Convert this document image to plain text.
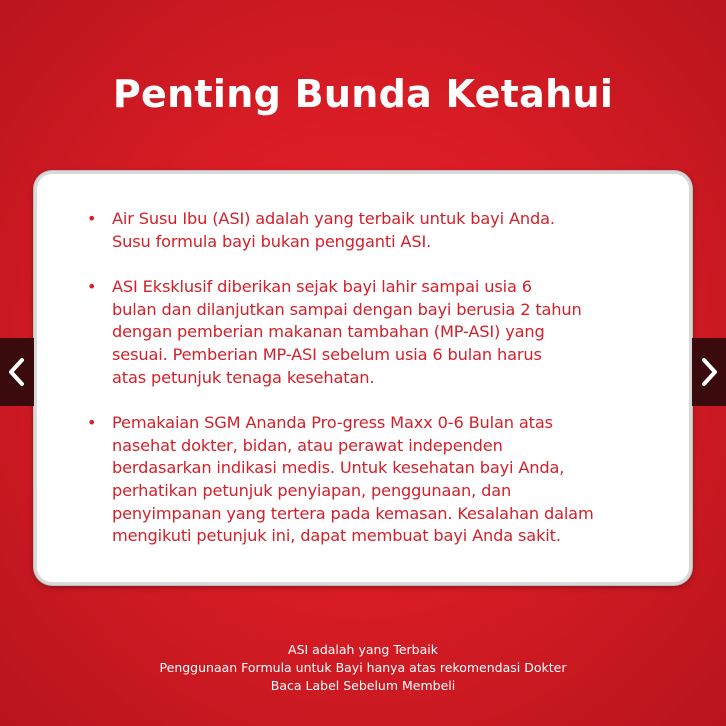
Penting Bunda Ketahui
• Air Susu Ibu (ASI) adalah yang terbaik untuk bayi Anda.
Susu formula bayi bukan pengganti ASI.
• ASI Eksklusif diberikan sejak bayi lahir sampai usia 6
bulan dan dilanjutkan sampai dengan bayi berusia 2 tahun
dengan pemberian makanan tambahan (MP-ASI) yang
sesuai. Pemberian MP-ASI sebelum usia 6 bulan harus
atas petunjuk tenaga kesehatan.
• Pemakaian SGM Ananda Pro-gress Maxx 0-6 Bulan atas
nasehat dokter, bidan, atau perawat independen
berdasarkan indikasi medis. Untuk kesehatan bayi Anda,
perhatikan petunjuk penyiapan, penggunaan, dan
penyimpanan yang tertera pada kemasan. Kesalahan dalam
mengikuti petunjuk ini, dapat membuat bayi Anda sakit.
ASI adalah yang Terbaik
Penggunaan Formula untuk Bayi hanya atas rekomendasi Dokter
Baca Label Sebelum Membeli
